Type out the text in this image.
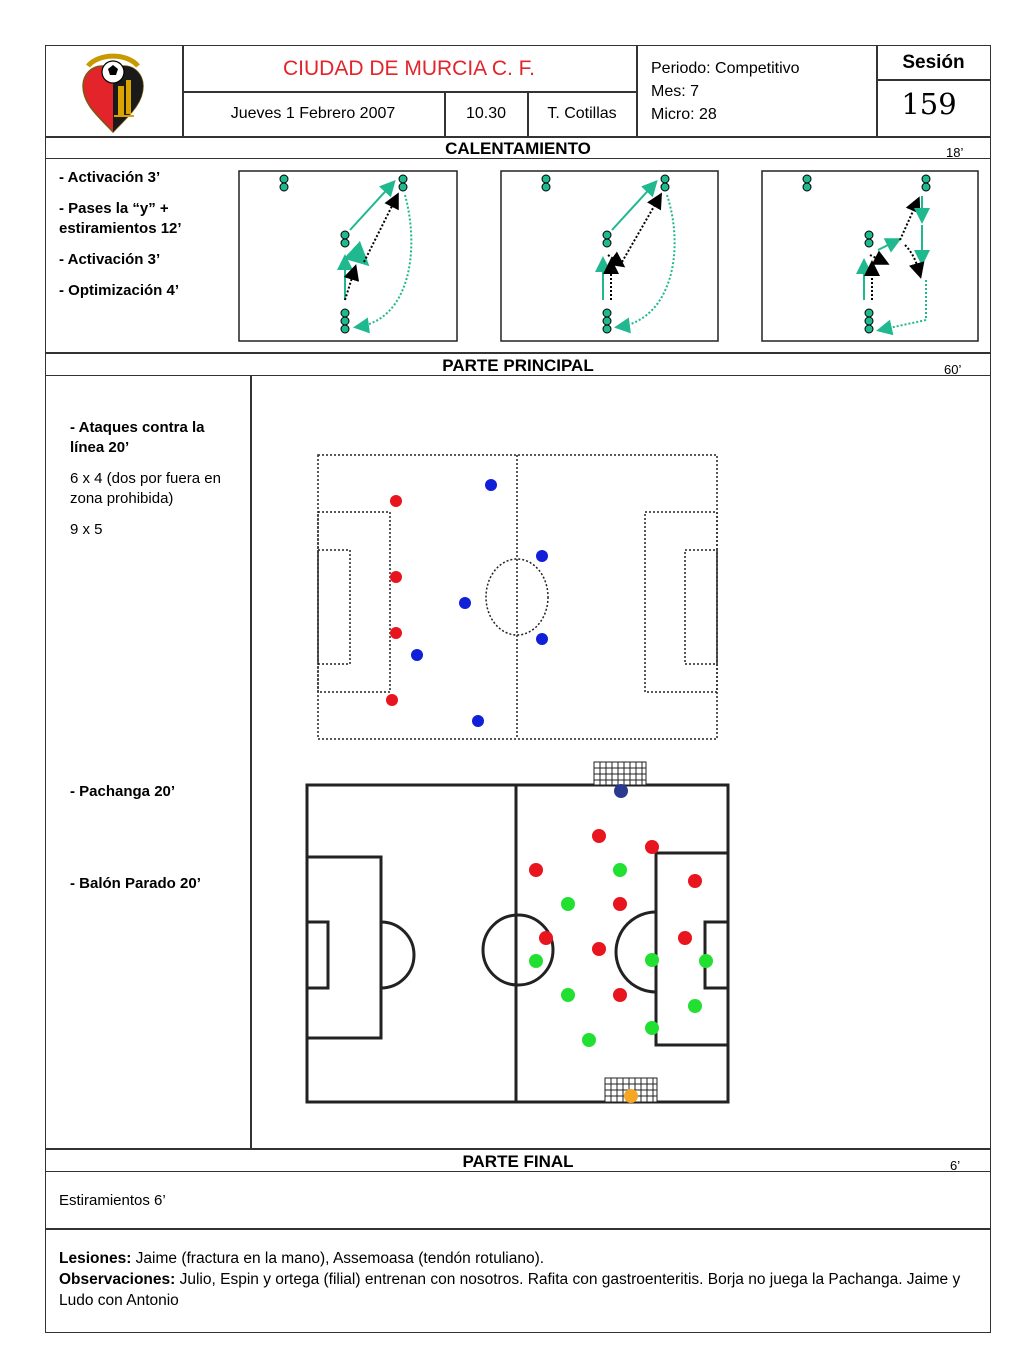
CIUDAD DE MURCIA C. F.
Jueves 1 Febrero 2007	10.30	T. Cotillas
Periodo: Competitivo
Mes: 7
Micro: 28
Sesión
159
CALENTAMIENTO	18’
- Activación 3’
- Pases la “y” + estiramientos 12’
- Activación 3’
- Optimización 4’
PARTE PRINCIPAL	60’
- Ataques contra la línea 20’
6 x 4 (dos por fuera en zona prohibida)
9 x 5
- Pachanga 20’
- Balón Parado 20’
PARTE FINAL	6’
Estiramientos 6’
Lesiones: Jaime (fractura en la mano), Assemoasa (tendón rotuliano).
Observaciones: Julio, Espin y ortega (filial) entrenan con nosotros. Rafita con gastroenteritis. Borja no juega la Pachanga. Jaime y Ludo con Antonio
